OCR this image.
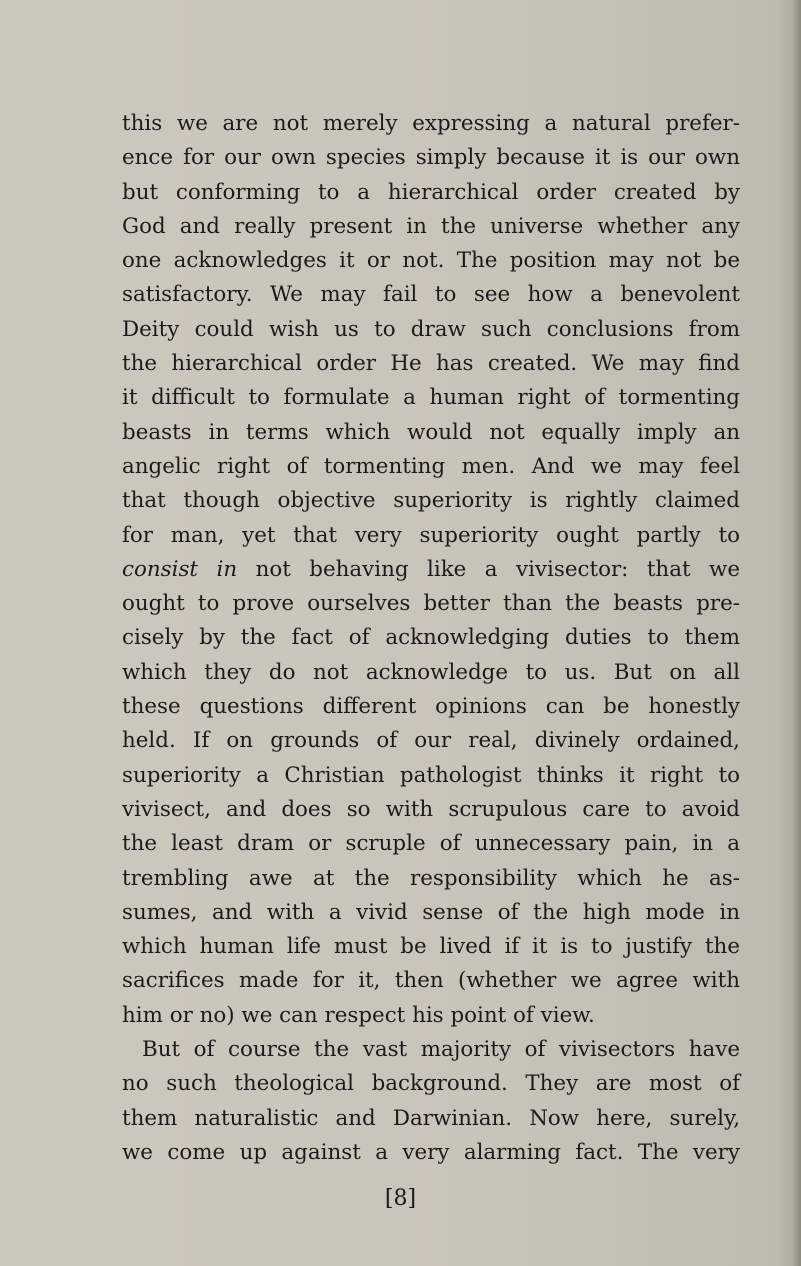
this we are not merely expressing a natural prefer-
ence for our own species simply because it is our own
but conforming to a hierarchical order created by
God and really present in the universe whether any
one acknowledges it or not. The position may not be
satisfactory. We may fail to see how a benevolent
Deity could wish us to draw such conclusions from
the hierarchical order He has created. We may find
it difficult to formulate a human right of tormenting
beasts in terms which would not equally imply an
angelic right of tormenting men. And we may feel
that though objective superiority is rightly claimed
for man, yet that very superiority ought partly to
consist in not behaving like a vivisector: that we
ought to prove ourselves better than the beasts pre-
cisely by the fact of acknowledging duties to them
which they do not acknowledge to us. But on all
these questions different opinions can be honestly
held. If on grounds of our real, divinely ordained,
superiority a Christian pathologist thinks it right to
vivisect, and does so with scrupulous care to avoid
the least dram or scruple of unnecessary pain, in a
trembling awe at the responsibility which he as-
sumes, and with a vivid sense of the high mode in
which human life must be lived if it is to justify the
sacrifices made for it, then (whether we agree with
him or no) we can respect his point of view.
But of course the vast majority of vivisectors have
no such theological background. They are most of
them naturalistic and Darwinian. Now here, surely,
we come up against a very alarming fact. The very
[8]
